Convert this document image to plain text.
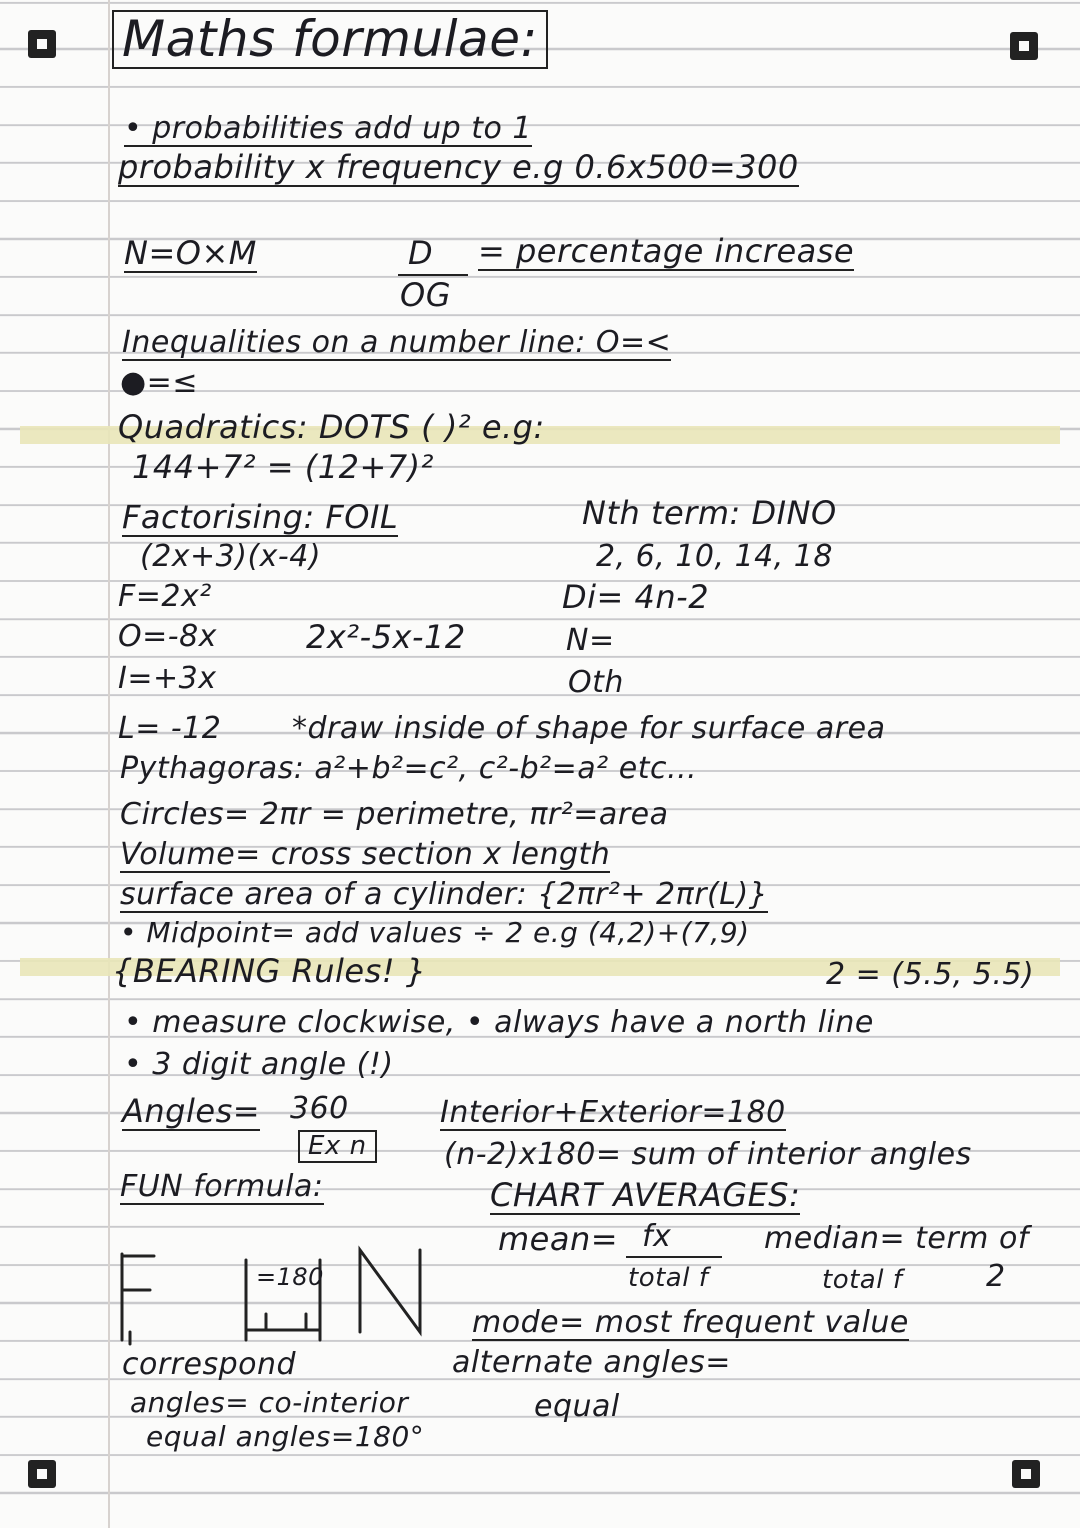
Maths formulae:
• probabilities add up to 1
probability x frequency e.g 0.6x500=300
N=O×M	D
OG
= percentage increase
Inequalities on a number line: O=<
●=≤
Quadratics: DOTS ( )² e.g:
144+7² = (12+7)²
Factorising: FOIL
(2x+3)(x-4)
F=2x²
O=-8x	2x²-5x-12
I=+3x
L= -12
Nth term: DINO
2, 6, 10, 14, 18
Di= 4n-2
N=
Oth
*draw inside of shape for surface area
Pythagoras: a²+b²=c², c²-b²=a² etc...
Circles= 2πr = perimetre, πr²=area
Volume= cross section x length
surface area of a cylinder: {2πr²+ 2πr(L)}
• Midpoint= add values ÷ 2 e.g (4,2)+(7,9)
{BEARING Rules! }	2 = (5.5, 5.5)
• measure clockwise, • always have a north line
• 3 digit angle (!)
Angles= 360
Ex n
Interior+Exterior=180
(n-2)x180= sum of interior angles
FUN formula:	CHART AVERAGES:
mean= fx
total f
median= term of
total f	2
mode= most frequent value
=180
correspond	alternate angles=
angles= co-interior	equal
equal angles=180°
